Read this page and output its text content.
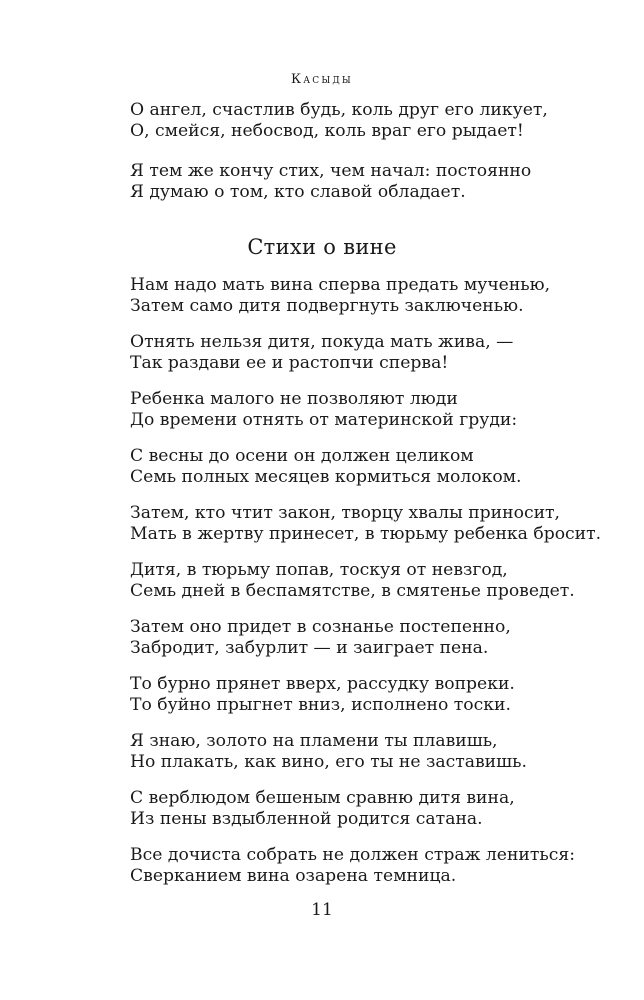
Касыды
О ангел, счастлив будь, коль друг его ликует,
О, смейся, небосвод, коль враг его рыдает!
Я тем же кончу стих, чем начал: постоянно
Я думаю о том, кто славой обладает.
Стихи о вине
Нам надо мать вина сперва предать мученью,
Затем само дитя подвергнуть заключенью.
Отнять нельзя дитя, покуда мать жива, —
Так раздави ее и растопчи сперва!
Ребенка малого не позволяют люди
До времени отнять от материнской груди:
С весны до осени он должен целиком
Семь полных месяцев кормиться молоком.
Затем, кто чтит закон, творцу хвалы приносит,
Мать в жертву принесет, в тюрьму ребенка бросит.
Дитя, в тюрьму попав, тоскуя от невзгод,
Семь дней в беспамятстве, в смятенье проведет.
Затем оно придет в сознанье постепенно,
Забродит, забурлит — и заиграет пена.
То бурно прянет вверх, рассудку вопреки.
То буйно прыгнет вниз, исполнено тоски.
Я знаю, золото на пламени ты плавишь,
Но плакать, как вино, его ты не заставишь.
С верблюдом бешеным сравню дитя вина,
Из пены вздыбленной родится сатана.
Все дочиста собрать не должен страж лениться:
Сверканием вина озарена темница.
11
